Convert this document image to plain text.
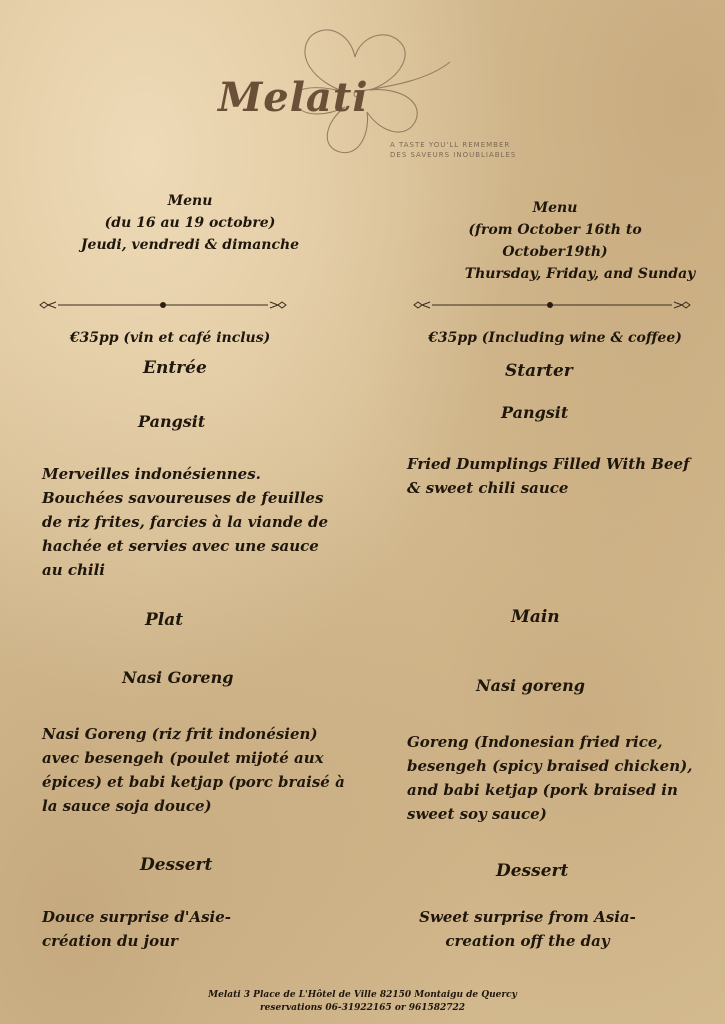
Melati
A TASTE YOU'LL REMEMBER
DES SAVEURS INOUBLIABLES
Menu
(du 16 au 19 octobre)
Jeudi, vendredi & dimanche
Menu
(from October 16th to October19th)
Thursday, Friday, and Sunday
€35pp (vin et café inclus)	€35pp (Including wine & coffee)
Entrée
Pangsit
Merveilles indonésiennes. Bouchées savoureuses de feuilles de riz frites, farcies à la viande de hachée et servies avec une sauce au chili
Starter
Pangsit
Fried Dumplings Filled With Beef & sweet chili sauce
Plat
Nasi Goreng
Nasi Goreng (riz frit indonésien) avec besengeh (poulet mijoté aux épices) et babi ketjap (porc braisé à la sauce soja douce)
Main
Nasi goreng
Goreng (Indonesian fried rice, besengeh (spicy braised chicken), and babi ketjap (pork braised in sweet soy sauce)
Dessert
Douce surprise d'Asie- création du jour
Dessert
Sweet surprise from Asia- creation off the day
Melati 3 Place de L'Hôtel de Ville 82150 Montaigu de Quercy
reservations 06-31922165 or 961582722
